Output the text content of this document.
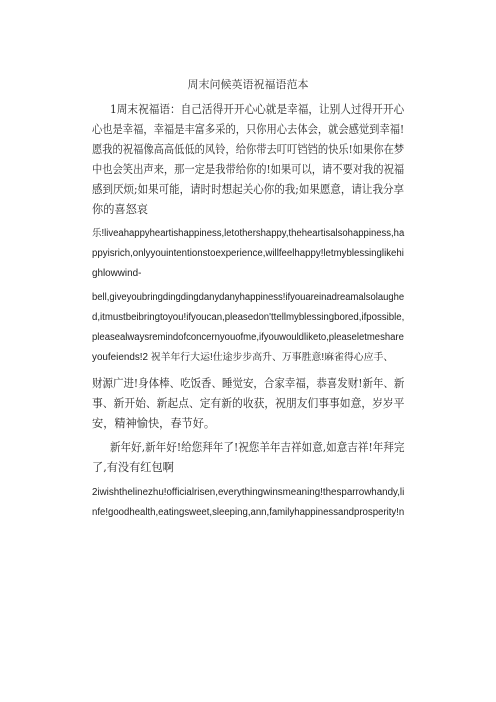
周末问候英语祝福语范本
1周末祝福语：自己活得开开心心就是幸福，让别人过得开开心
心也是幸福，幸福是丰富多采的，只你用心去体会，就会感觉到幸福!
愿我的祝福像高高低低的风铃，给你带去叮叮铛铛的快乐!如果你在梦
中也会笑出声来，那一定是我带给你的!如果可以，请不要对我的祝福
感到厌烦;如果可能，请时时想起关心你的我;如果愿意，请让我分享
你的喜怒哀
乐!liveahappyheartishappiness,letothershappy,theheartisalsohappiness,ha
ppyisrich,onlyyouintentionstoexperience,willfeelhappy!letmyblessinglikehi
ghlowwind-
bell,giveyoubringdingdingdanydanyhappiness!ifyouareinadreamalsolaughe
d,itmustbeibringtoyou!ifyoucan,pleasedon'ttellmyblessingbored,ifpossible,
pleasealwaysremindofconcernyouofme,ifyouwouldliketo,pleaseletmeshare
youfeiends!2 祝羊年行大运!仕途步步高升、万事胜意!麻雀得心应手、
财源广进!身体棒、吃饭香、睡觉安，合家幸福，恭喜发财!新年、新
事、新开始、新起点、定有新的收获，祝朋友们事事如意，岁岁平
安，精神愉快，春节好。
新年好,新年好!给您拜年了!祝您羊年吉祥如意,如意吉祥!年拜完
了,有没有红包啊
2iwishthelinezhu!officialrisen,everythingwinsmeaning!thesparrowhandy,li
nfe!goodhealth,eatingsweet,sleeping,ann,familyhappinessandprosperity!n
